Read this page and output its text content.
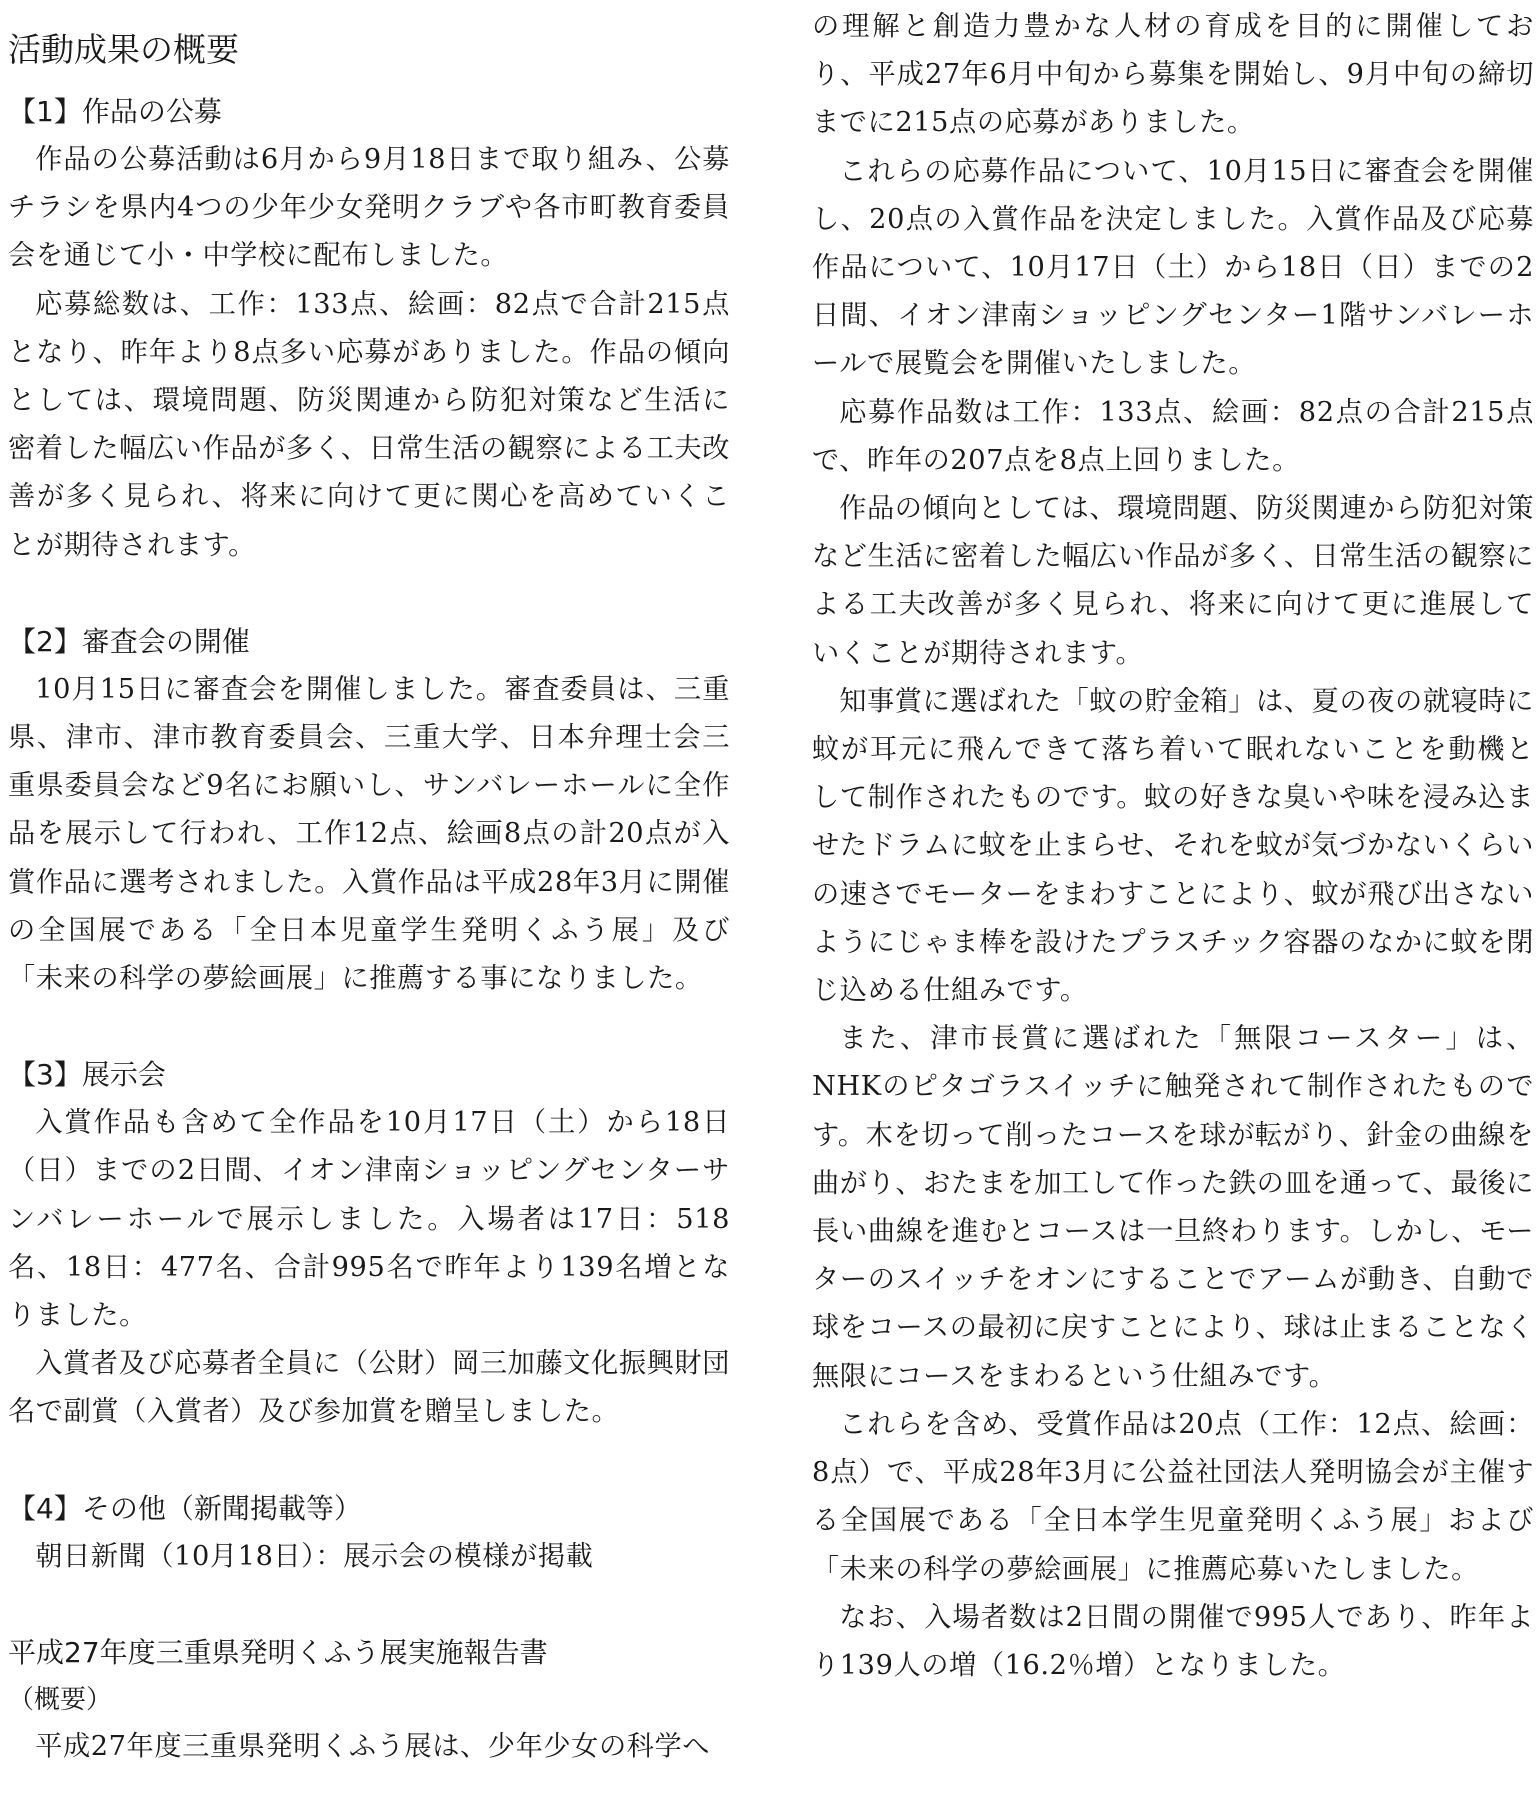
活動成果の概要
【1】作品の公募

作品の公募活動は6月から9月18日まで取り組み、公募チラシを県内4つの少年少女発明クラブや各市町教育委員会を通じて小・中学校に配布しました。

応募総数は、工作：133点、絵画：82点で合計215点となり、昨年より8点多い応募がありました。作品の傾向としては、環境問題、防災関連から防犯対策など生活に密着した幅広い作品が多く、日常生活の観察による工夫改善が多く見られ、将来に向けて更に関心を高めていくことが期待されます。

【2】審査会の開催

10月15日に審査会を開催しました。審査委員は、三重県、津市、津市教育委員会、三重大学、日本弁理士会三重県委員会など9名にお願いし、サンバレーホールに全作品を展示して行われ、工作12点、絵画8点の計20点が入賞作品に選考されました。入賞作品は平成28年3月に開催の全国展である「全日本児童学生発明くふう展」及び「未来の科学の夢絵画展」に推薦する事になりました。

【3】展示会

入賞作品も含めて全作品を10月17日（土）から18日（日）までの2日間、イオン津南ショッピングセンターサンバレーホールで展示しました。入場者は17日：518名、18日：477名、合計995名で昨年より139名増となりました。

入賞者及び応募者全員に（公財）岡三加藤文化振興財団名で副賞（入賞者）及び参加賞を贈呈しました。

【4】その他（新聞掲載等）

朝日新聞（10月18日）：展示会の模様が掲載

平成27年度三重県発明くふう展実施報告書

（概要）

平成27年度三重県発明くふう展は、少年少女の科学へ

の理解と創造力豊かな人材の育成を目的に開催しており、平成27年6月中旬から募集を開始し、9月中旬の締切までに215点の応募がありました。

これらの応募作品について、10月15日に審査会を開催し、20点の入賞作品を決定しました。入賞作品及び応募作品について、10月17日（土）から18日（日）までの2日間、イオン津南ショッピングセンター1階サンバレーホールで展覧会を開催いたしました。

応募作品数は工作：133点、絵画：82点の合計215点で、昨年の207点を8点上回りました。

作品の傾向としては、環境問題、防災関連から防犯対策など生活に密着した幅広い作品が多く、日常生活の観察による工夫改善が多く見られ、将来に向けて更に進展していくことが期待されます。

知事賞に選ばれた「蚊の貯金箱」は、夏の夜の就寝時に蚊が耳元に飛んできて落ち着いて眠れないことを動機として制作されたものです。蚊の好きな臭いや味を浸み込ませたドラムに蚊を止まらせ、それを蚊が気づかないくらいの速さでモーターをまわすことにより、蚊が飛び出さないようにじゃま棒を設けたプラスチック容器のなかに蚊を閉じ込める仕組みです。

また、津市長賞に選ばれた「無限コースター」は、NHKのピタゴラスイッチに触発されて制作されたものです。木を切って削ったコースを球が転がり、針金の曲線を曲がり、おたまを加工して作った鉄の皿を通って、最後に長い曲線を進むとコースは一旦終わります。しかし、モーターのスイッチをオンにすることでアームが動き、自動で球をコースの最初に戻すことにより、球は止まることなく無限にコースをまわるという仕組みです。

これらを含め、受賞作品は20点（工作：12点、絵画：8点）で、平成28年3月に公益社団法人発明協会が主催する全国展である「全日本学生児童発明くふう展」および「未来の科学の夢絵画展」に推薦応募いたしました。

なお、入場者数は2日間の開催で995人であり、昨年より139人の増（16.2％増）となりました。
